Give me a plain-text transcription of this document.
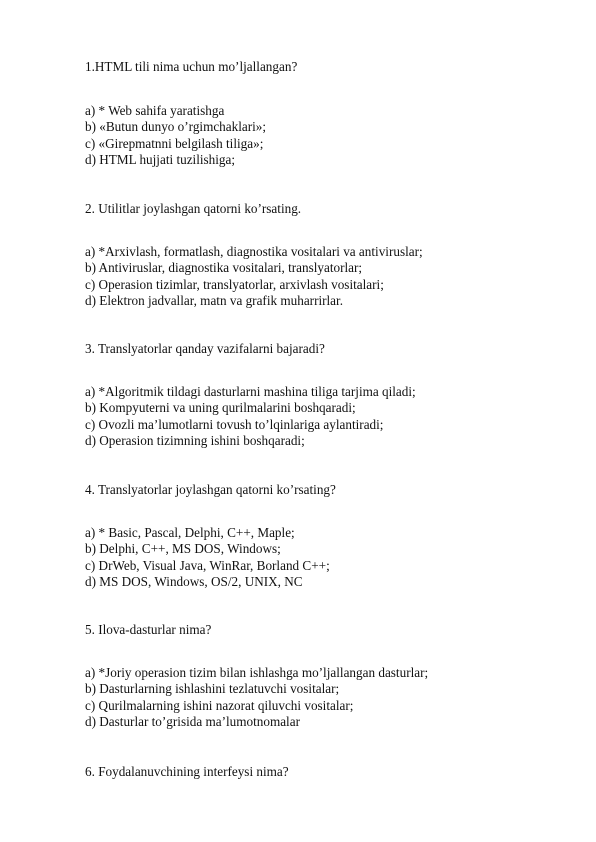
1.HTML tili nima uchun mo’ljallangan?
a) * Web sahifa yaratishga
b) «Butun dunyo o’rgimchaklari»;
c) «Girepmatnni belgilash tiliga»;
d) HTML hujjati tuzilishiga;
2. Utilitlar joylashgan qatorni ko’rsating.
a) *Arxivlash, formatlash, diagnostika vositalari va antiviruslar;
b) Antiviruslar, diagnostika vositalari, translyatorlar;
c) Operasion tizimlar, translyatorlar, arxivlash vositalari;
d) Elektron jadvallar, matn va grafik muharrirlar.
3. Translyatorlar qanday vazifalarni bajaradi?
a) *Algoritmik tildagi dasturlarni mashina tiliga tarjima qiladi;
b) Kompyuterni va uning qurilmalarini boshqaradi;
c) Ovozli ma’lumotlarni tovush to’lqinlariga aylantiradi;
d) Operasion tizimning ishini boshqaradi;
4. Translyatorlar joylashgan qatorni ko’rsating?
a) * Basic, Pascal, Delphi, C++, Maple;
b) Delphi, C++, MS DOS, Windows;
c) DrWeb, Visual Java, WinRar, Borland C++;
d) MS DOS, Windows, OS/2, UNIX, NC
5. Ilova-dasturlar nima?
a) *Joriy operasion tizim bilan ishlashga mo’ljallangan dasturlar;
b) Dasturlarning ishlashini tezlatuvchi vositalar;
c) Qurilmalarning ishini nazorat qiluvchi vositalar;
d) Dasturlar to’grisida ma’lumotnomalar
6. Foydalanuvchining interfeysi nima?
